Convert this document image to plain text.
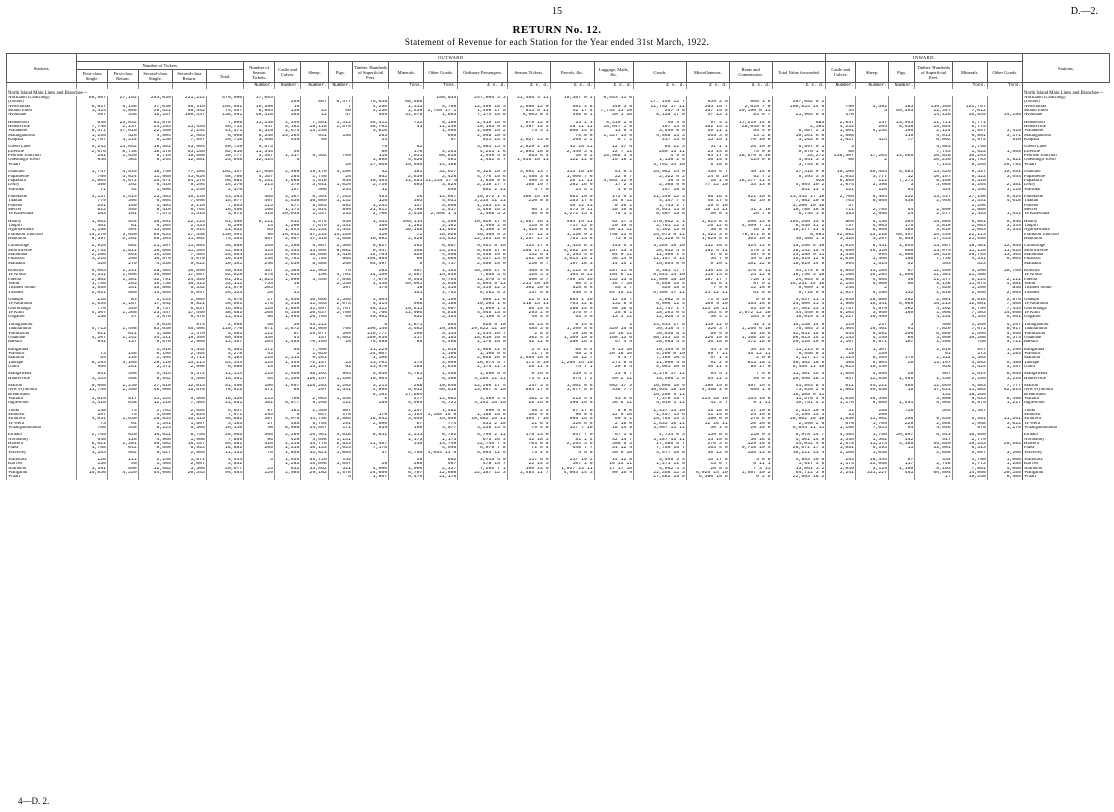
15	D.—2.
RETURN No. 12.
Statement of Revenue for each Station for the Year ended 31st March, 1922.
Stations.	OUTWARD.																				INWARD.						Stations.
	Number of Tickets.					Number of Season Tickets.	Cattle and Calves.	Sheep.	Pigs.	Timber. Hundreds of Superficial Feet.	Minerals.	Other Goods.	Ordinary Passengers.	Season Tickets.	Parcels, &c.	Luggage, Mails, &c.	Goods.	Miscellaneous.	Rents and Commission.	Total Value forwarded.	Cattle and Calves.	Sheep.	Pigs.	Timber. Hundreds of Superficial Feet.	Minerals.	Other Goods.	
	First-class Single.	First-class Return.	Second-class Single.	Second-class Return.	Total.																						
						Number.	Number.	Number.	Number.		Tons.	Tons.	£ s. d.	£ s. d.	£ s. d.	£ s. d.	£ s. d.	£ s. d.	£ s. d.	£ s. d.	Number.	Number.	Number.		Tons.	Tons.	
North Island Main Lines and Branches—																											North Island Main Lines and Branches—
Auckland (Coaching)	66,507	27,192	253,039	221,222	570,960	17,083						180,034	247,005 3 3	21,485 3 11	19,387 0 1	8,553 11 0											Auckland (Coaching)
(Goods)							259	887	6,477	75,638	68,686						Cr. 140 12 7	939 2 0	608 1 6	297,082 9 2							(Goods)
Newmarket	6,037	5,198	37,038	56,319	104,992	10,390	19		7	4,290	1,313	5,780	12,460 15 3	2,060 12 0	501 3 8	140 3 8	11,792 17 11	203 16 7	2,029 7 6	200,824 14 8	790	3,392	383	136,390	121,767		Newmarket
Mount Eden	1,424	1,058	26,521	46,442	75,457	6,964	130	22	50	2,230	2,439	2,758 17 1	1,408 17 0	611 8 11	42 17 4	7,734 13 10	347 4 6	357 15 6	29,190 0 11	7	44	4	69,403	22,347	7,012		Mount Eden
Avondale	497	346	15,257	100,337	136,491	40,318	355	12	47	659	31,975	1,603	7,174 18 8	6,003 0 4	398 8 1	30 1 10	8,128 17 0	47 13 1	83 6 7	21,904 0 5	370			14,128	35,834	14,199	Avondale

Henderson	648	23,032	61,678		7,806	11,138	1,346	7,591	1,312	35,411	722	5,160	2,415 15 9	979 12 9	23 1 3	6,319 2 8	40 4 9	97 4 2	17,219 14 6	663	2,847	147	23,953	11,711	4,771		Henderson
Helensville	7,740	2,237	23,293	23,439	56,711	547	5,162	26,118	2,879	36,761	43	11,230	10,193 0 8	1,397 15 3	26 11 11	16,047 1 8	187 13 9	102 15 3	28,039 8 6	2,301	4,232	204	6,936	15,884	6,775		Helensville
Waitakere	6,471	37,019	22,450	2,144	41,471	5,319	2,674	14,230		3,810		1,950	1,690 19 2	73 3 1	600 14 9	13 9 4	3,840 0 0	59 11 1	53 5 0	6,587 2 3	1,601	4,235	150	2,124	1,857	3,429	Waitakere
Maungaturoto	1,255	326	4,904	2,403	8,908	6,340	23,204	931	156	283		665	2,048 10 9		75 0 8	1,327 14 6	4,568 13 3	553 3 9	13 2 8	10,201 6 0	1,608		119	4,013	6,801	3,171	Maungaturoto
Kaipara	2,767	4,214	6,138	7,597	20,716	3,460	449	50		21		97	921 14 4	1,027 13 6	269 2 2	6 7 1	437 14 0	13 19 1	76 10 0	3,252 6 0	1,627	414	77	6,092	1,972	510	Kaipara

Green Lane	5,242	13,052	18,551	43,904	80,749	9,573				76	82		3,584 13 4	2,829 2 10	42 18 11	12 17 6	64 11 3	31 1 1	26 10 0	6,597 0 1	3			4,083	2,748		Green Lane
Ellerslie	2,676	8,738	18,378	53,150	82,810	11,345	40			60	176	4,253	4,253 1 6	2,861 16 8	2,449 3 4	12 7 11	259 13 11	23 14 8	75 0 0	9,870 1 0	88			7,743	1,922	1,665	Ellerslie
Penrose Junction	281	1,939	8,719	19,500	30,777	4,357	1,317	9,392	769	118	7,031	66,836	1,949 4 9	853 6 4	10 5 2	25,968 3 4	4 9 8	83 17 9	28,879 8 10	25,272	238,307	17,203	14,505	20,028	30,293		Penrose Junction
Onehunga Town	646	383	9,244	12,581	23,048	12,424	5			3,898	4,620	461	1,482 5 7	1,935 10 11	122 11 0	15 18 1	1,130 2 0	30 14 4	124 0 0	4,841 3 3	60	2		20,236	15,753	4,921	Onehunga Town
Wharf									28	27,068	19,555	14,188					3,792 14 10	5 10 6		3,793 8 5				7,153	8,255	25,792	Wharf

Otahuhu	1,747	4,533	18,740	77,105	102,147	17,060	2,489	19,170	4,106	42	181	32,027	8,325 19 3	3,091 13 7	313 10 10	51 6 1	25,062 14 0	156 5 7	46 14 6	37,318 9 6	10,108	60,454	5,681	13,429	9,327	10,551	Otahuhu
Papatoetoe	760	3,024	11,960	43,026	58,780	4,357	264	1,746	25	852	2,639	2,426	4,776 15 6	1,488 3 8	1,006 7 6	22 8 7	2,322 0 2	24 8 10	52 7 2	8,393 3 5	1,043	3,777	12	10,197	6,322	3,644	Papatoetoe
Papakura	2,004	4,672	25,571	64,275	96,982	5,251	1,668	1,816	649	10,483	11,551	11,234 17 9	1,640 8 6	400 3 5	26 11 11	4,802 12 9	36 5 4	16 1 0	18,277 11 4	925	8,869	112	7,271	8,180	6,310		Papakura
Drury	380	192	6,410	8,294	15,276	213	379	3,641	1,029	2,739	603	3,824	2,218 17 7	166 19 7	202 16 9	17 2 4	2,365 0 0	77 12 10	33 13 0	4,984 10 2	1,074	3,398	3	3,080	3,164	2,381	Drury
Wairuku	71	44	1,006	1,249	2,370	7	147	406	234	32		540	602 2 11	4 7 0	14 5 3	1 0 0	157 19 0			841 13 1	121	128	54	324	4,346	1,129	Wairuku

Pukekohe	3,137	1,513	23,483	15,120	43,253	465	4,357	6,393	7,253	453	26	12,057	10,372 1 6	300 15 10	681 10 9	172 0 2	11,340 12 3	98 16 4	521 15 0	23,442 17 10	2,706	6,404	532	13,337	27,198	9,524	Pukekohe
Tuakau	779	395	6,804	7,098	15,077	497	1,536	36,869	1,132	126	303	4,011	3,214 11 11	220 8 8	253 17 6	34 8 11	4,147 7 4	48 17 5	82 19 8	7,982 10 8	763	8,569	438	1,946	2,331	4,618	Tuakau
Pokeno	251	109	4,403	3,110	7,853	113	677	5,883	692	1,243	147	5,608	1,263 14 4		40 12 11	8 16 1	1,743 1 7	29 6 10		3,200 10 10	47				1,166		Pokeno
Mercer	812	455	8,410	6,764	16,450	166	1,173	1,924	899	21,612	3,796	2,517	3,468 15 2	96 1 3	473 9 11	28 16 8	5,031 13 8	16 13 11	31 2 10	10,788 16 8	711	2,765	54	2,800	1,880		Mercer
Te Kauwhata	283	101	7,373	1,315	3,672	415	20,935	1,337	232	2,706	2,510	2,408 1 4	2,408 3 2	85 0 0	1,272 13 4	75 3 2	8,507 13 0	56 8 3	26 7 0	6,735 1 6	333	2,956	24	2,477	2,433	1,531	Te Kauwhata

Huntly	1,662	924	26,691	22,123	51,400	8,111	912	4,574	530	1,333	399,114	2,499	10,020 17 0	1,987 18 1	494 19 11	92 17 3	170,942 1 1	1,523 6 4	208 13 0	194,260 13 5	809	4,136	384	15,888	6,601	9,946	Huntly
Taupiri	461	81	5,204	2,433	8,209	14	1,200	7,679	1,331	350	1,262	3,182	1,469 2 0	115 8 5	717 12 9	20 10 5	2,761 12 1	25 12 6	4,409 7 11	9,545 11 2	737	4,063	175	3,819	1,083	3,334	Taupiri
Ngaruawahia	1,198	464	13,856	5,514	21,032	83	1,444	21,234	1,452	420	30,155	11,692	4,360 1 0	1,425 6 6	330 5 5	56 11 11	4,392 12 9	36 8 4	16 1 0	10,277 11 4	923	8,869	169	3,819	1,083	3,334	Ngaruawahia
Frankton Junction	14,270	3,650	85,033	27,448	130,401	90	16,012	57,233	14,189	420	72	16,026	49,368 5 2	737 12 3	1,228 9 2	798 13 0	25,973 0 11	1,323 3 9	78,971 8 0	8,661	42,082	24,228	69,497	25,439	22,113		Frankton Junction
Hamilton	8,397	2,201	59,203	11,802	73,203	567	2,957	17,318	1,858	10,882	2,428	23,532	22,153 15 8	1,257 17 2	751 13 6	73 8 5	14,128 6 9	1,029 8 9	303 19 9	40,358 1 3	3,325	3,257	8,049	17,433	21,658		Hamilton

Cambridge	2,925	682	21,207	11,884	36,698	169	2,266	9,067	2,360	6,827	262	6,057	9,451 8 10	131 17 4	1,425 8 3	143 5 3	4,264 18 10	132 16 4	324 11 9	15,256 5 10	1,025	6,431	1,045	13,067	18,461	12,859	Cambridge
Morrinsville	2,732	1,011	20,868	11,359	42,904	424	6,344	33,994	6,082	9,447	358	23,251	9,635 17 8	205 17 11	4,292 15 9	197 13 3	26,032 4 5	162 4 11	179 2 5	18,142 15 4	4,699	46,320	900	13,079	11,128	11,025	Morrinsville
Matamata	2,266	893	15,165	7,384	25,563	225	4,601	16,050	3,410	14,704	620	4,506	8,459 19 8	142 6 4	2,293 3 0	84 0 11	11,999 1 4	57 8 8	107 0 0	23,280 0 11	1,448	994	2,000	10,428	20,754	13,364	Matamata
Putaruru	1,216	200	10,579	4,070	16,539	136	6,761	1,784	605	104,965	60	3,995	3,537 13 9	252 16 0	1,013 19 1	36 14 0	11,157 4 11	36 7 0	35 5 10	15,919 12 6	3,030	1,400	198	7,736	4,331	6,003	Putaruru
Mamaku	320	279	4,530	5,022	10,151	246	2,539	8,585	260	65,497	8	5,717	2,550 19 0	210 0 7	197 18 3	14 15 1	15,854 0 0	9 10 1	101 12 0	18,919 14 9	994	1,514	52	393	523		Mamaku

Rotorua	9,063	1,241	28,484	16,690	50,545	357	2,385	12,963	75	202	557	1,154	35,395 17 4	469 5 0	1,122 9 0	297 11 6	5,381 17 7	136 16 3	376 8 11	41,174 8 9	4,853	13,189	87	12,490	3,200	10,769	Rotorua
Te Aroha	4,331	1,096	35,000	17,607	52,929	878	1,634	196	4,701	14,160	3,687	15,840	7,558 3 6	328 3 3	104 8 11	104 8 11	8,843 14 10	118 14 6	24 12 8	16,736 3 10	1,160	15,284	1,808	21,361	21,486		Te Aroha
Paeroa	2,802	1,301	32,791	24,559	61,391	1,823	1,999	3,440	7,648	7,079	9,953	6,704	12,070 4 9	500 5 7	759 16 10	132 13 8	11,090 18 10	187 17 7	728 1 3	24,953 5 5	1,066	4,565	36	11,377	5,224	2,211	Paeroa
Waihi	1,756	263	16,738	10,413	33,112	733	16		2,339	1,448	59,051	3,630	4,804 9 11	231 10 10	90 4 2	16 7 10	9,856 19 4	93 8 1	87 9 2	15,231 14 10	2,155	5,000	60	5,136	11,074	4,981	Waihi
Thames South	1,958	351	15,808	5,332	21,079	203	7		397	175	18	1,310	5,319 12 2	302 10 6	528 8 6	55 3 7	529 18 4	7 9 6	12 10 0	8,089 1 5	248	2		7,520	1,200	836	Thames South
Thames	2,021	580	14,655	9,047	26,323	26	31				351	1,752	5,282 5 2	137 6 8	630 4 4	84 15 11	5,390 17 11	21 12 11	61 6 0	9,718 9 9	1,927	5,190	132	1,810	2,996	2,064	Thames

Ohaupo	226	83	3,133	2,004	5,576	27	1,630	10,686	1,395	1,504	8	1,150	906 11 6	22 6 11	804 1 10	12 15 7	2,062 5 3	71 9 10	0 0 0	3,027 11 1	2,849	20,688	262	2,991	8,018	2,875	Ohaupo
Te Awamutu	2,634	1,167	17,942	8,821	30,601	178	3,316	11,493	2,073	5,314	968	3,180	10,203 1 6	418 13 11	703 12 8	132 8 9	6,909 12 4	109 9 10	183 16 0	24,500 11 4	1,906	10,341	6,089	16,213	12,601	7,508	Te Awamutu
Otorohanga	770	349	8,737	6,037	15,901	129	1,699	31,597	1,767	46,312	16,611	4,007	4,099 1 2	88 15 5	280 14 0	48 10 6	12,747 1 7	124 10 11	53 19 6	17,401 13 3	1,757	4,979	362	4,292	5,799	7,443	Otorohanga
Te Kuiti	4,307	1,266	23,447	17,440	38,583	268	6,158	20,637	2,780	4,766	11,085	5,816	4,945 13 5	293 1 9	375 0 7	25 8 1	18,261 0 5	163 5 0	2,072 12 10	44,440 6 9	5,203	3,950	160	1,905	7,303	14,050	Te Kuiti
Ongarue	138	47	3,878	5,478	11,541	96	1,465	26,765	69	40,962	632	2,154	2,158 8 3	45 5 9	53 3 0	13 3 11	12,026 3 3	36 4 2	154 4 0	16,019 4 3	4,227	10,499		4,234	4,344	5,561	Ongarue

Taringamotu			9,010	974	2,998	50	20	43,212		5	1,871	894	628 9 10	48 13 9	6 14 6	2	13,633 17 8	119 12 9	42 1 3	15,138 14 9	129	237	3	406	1,289	4,257	Taringamotu
Taumarunui	4,713	1,498	63,030	45,506	110,770	871	2,872	63,060	766	106,146	3,582	10,365	29,822 11 10	485 3 8	1,399 5 6	320 15 8	39,316 4 7	326 3 7	1,256 6 10	75,484 3 3	3,404	16,461	61	7,029	7,671	8,917	Taumarunui
Waimarino	621	621	3,488	1,470	5,593	112	97	25,077	109	119,777	206	5,133	1,434 16 7	2 8 9	29 10 8	29 16 11	39,836 6 3	59 9 9	59 16 8	42,031 15 8	644	5,092	208	6,860	2,599	4,555	Waimarino
Ohakune	4,207	2,242	34,311	19,399	60,599	430	43	157	4,682	280,038	217	8,163	15,810 16 0	302 5 3	1,109 19 5	168 13 0	68,143 15 4	126 18 8	1,168 16 2	86,813 14 2	3,143	4,149	66	3,090	10,208	6,373	Ohakune
Raetihi	941	137	9,670	2,900	13,357	204	1,485	70,189	10	75,598	88	4,460	2,176 15 0	42 11 0	280 16 2	57 4 5	28,963 4 5	30 18 0	172 15 0	29,128 19 0	1,167	8,671	107	1,406	760	4,721	Raetihi

Rangataua			1,816	4,442	8,303	172	55	7,490		11,229		1,016	1,096 11 0	3 0 11	65 6 4	9 13 10	10,154 8 0	44 1 0	38 15 4	11,213 0 4	537	1,307		2,010	847	1,290	Rangataua
Waiouru	73	156	6,195	2,454	4,278	43	1	1,029		24,007		1,106	1,106 6 5	11 7 0	68 2 4	20 18 10	4,209 0 10	99 7 11	35 12 11	5,556 8 3	18	159		61	273	1,183	Waiouru
Mataroa	54	126	2,494	3,711	6,184	125	2,113	9,261		1,108		1,162	2,055 16 8	2,055 16 8	10 12 7	4 4 7	7,169 10 4	57 1 3	2 0 0	3,127 17 1	1,123	8,169	175	1,312	1,402		Mataroa
Taihape	6,193	3,109	29,120	14,113	53,143	125	1,459	72,187	23	13,701	173	3,099	16,074 3 7	171 0 10	1,280 14 10	271 8 8	11,090 4 0	91 2 9	613 18 1	30,382 18 5	468	9,504	20	13,197	4,052	5,486	Taihape
Utiku	460	251	2,371	2,998	6,080	15	369	14,157	91	43,070	285	1,636	2,174 11 1	26 11 4	74 7 1	29 8 4	5,081 10 6	46 11 4	85 17 0	8,458 11 10	1,023	10,146		926	1,424	3,157	Utiku

Mangaweka	831	496	4,415	5,372	11,114	215	2,409	48,292	964	5,046	5,781	1,458	1,560 6 9	6 19 5	339 4 2	23 8 7	5,278 17 11	94 5 1	7 5 0	11,301 15 4	1,669	4,599	28	967	1,614	6,059	Mangaweka
Hunterville	1,333	458	8,942	4,458	15,391	55	2,290	120,197	1,180	10,984	12	5,308	4,284 11 11	73 5 11	574 7 2	50 2 11	15,598 2 5	53 11 2	59 6 5	20,698 18 2	837	12,530	1,465	1,439	2,195	3,225	Hunterville

Marton	9,660	2,239	27,518	12,013	51,450	186	1,697	125,283	1,283	3,213	268	10,640	22,286 17 5	247 3 5	1,502 6 6	502 17 3	16,605 16 9	196 15 8	457 15 4	41,853 8 4	611	44,221	485	12,569	4,503	7,777	Marton
New Plymouth	11,745	2,399	48,900	15,878	78,922	471	86	297	1,441	2,899	9,032	50,918	23,667 8 10	854 17 0	1,877 8 0	336 7 7	38,934 18 10	4,460 1 0	689 1 9	73,020 2 0	2,602	59,648	15	37,631	11,802	62,814	New Plymouth
Breakwater										5,191	27,804						16,209 9 11			16,209 9 11				132	18,265		Breakwater
Waitara	1,019	517	11,224	5,560	18,320	223	706	2,063	1,540	5	277	12,062	3,409 3 4	161 2 9	213 4 4	43 5 6	7,370 15 7	224 18 10	154 10 6	11,578 4 9	1,039	36,398		3,800	5,633	8,498	Waitara
Inglewood	1,418	638	12,218	7,404	21,552	381	8,877	9,266	122	286	4,959	5,721	4,242 16 10	28 15 8	396 10 6	36 8 11	4,010 3 11	41 4 7	9 1 11	10,751 4 2	1,276	6,089	1,491	5,969	6,979	1,227	Inglewood

Tariki	148	73	2,762	2,654	5,637	87	181	2,350	507		4,247	1,482	890 9 8	58 2 3	87 17 0	5 8 0	1,437 14 10	16 18 0	17 10 0	2,513 10 9	31	158	725	354	1,357		Tariki
Midhirst	207	79	4,090	3,825	7,971	293	5	847	176	170	2,154	1,168 15 8	1,168 15 8	102 9 6	90 0 4	12 0 10	1,457 13 6	11 14 0	24 19 9	3,299 13 3	33	208					Midhirst
Stratford	4,031	1,630	28,833	15,319	48,602	387	4,978	34,756	2,886	18,042	3,940	19,040	10,052 15 11	364 7 10	985 15 5	89 4 1	15,785 15 2	180 0 0	278 8 6	28,002 18 10	1,830	11,562	296	9,839	5,581	11,261	Stratford
Te Wera	73	64	1,341	1,867	3,163	27	455	9,764	251	2,606	67	774	633 2 10	21 6 4	326 6 6	2 18 0	1,632 18 11	12 16 11	20 10 0	2,590 2 6	870	1,709	229	2,066	1,968	3,022	Te Wera
Whangamomona	766	348	8,223	5,365	19,110	40	8,958	24,657	171	839	196	4,077	3,235 13 5	79 5 8	327 7 10	18 14 9	3,997 11 11	30 1 8	29 16 9	8,044 11 11	1,180	7,023	93	4,046	978	1,179	Whangamomona

Eltham	2,769	820	16,621	8,755	28,965	365	2,369	26,461	3,618	8,831	2,313	8,702	5,799 2 11	179 13 0	847 7 0	67 3 8	1,734 0 3	139 0 5	210 0 4	8,978 14 7	4,483	1,756	20,897	8,543	10,950		Eltham
Normanby	640	116	4,966	1,908	7,659	95	428	4,696	1,131		1,173	1,173	873 16 3	42 18 3	81 1 4	32 14 7	3,187 15 11	33 19 6	30 18 5	4,301 14 8	1,340	1,362	142	917	2,779		Normanby
Hawera	8,621	2,201	40,602	16,157	69,581	426	2,219	34,776	8,923	11,487	310	13,749	22,749 7 4	703 8 8	2,293 3 5	308 5 3	17,560 6 7	276 3 5	129 19 9	44,042 4 0	2,578	11,373	4,385	55,899	19,243	20,592	Hawera
Patea	1,768	642	9,550	5,922	18,882	265	1,315	10,133	7,023	7,176		4,040	5,079 7 8	71 6 4	548 7 7	31 12 4	7,750 15 7	163 4 0	9,718 19 4	26,671 17 3	1,051	5,193	11	12,001	6,313		Patea
Waverley	1,163	582	6,527	2,565	11,132	76	1,849	32,823	1,084	37	5,750	4,093 11 6	4,093 11 6	73 2 5	4 0 8	30 9 10	3,577 18 6	30 12 0	155 13 0	18,211 13 4	3,106	1,038		2,806	5,007	3,206	Waverley

Waitotara	226	111	2,236	1,871	4,444	3	1,535	54,729	142		26	852	1,015 4 0	117 6 0	237 19 2	14 12 8	3,459 2 4	15 17 8	3 6 8	4,853 10 0	253	16,444	67	434	1,750	1,066	Waitotara
Kai Iwi	136	40	1,469	2,007	3,652		1,283	15,696	1,057	28	260	967	478 19 7	22 14 3	107 1 0	16 13 11	1,271 11 0	13 6 7	6 11 1	1,917 3 5	1,173	22,068	117	2,748	1,772	1,285	Kai Iwi
Aramoho	3,391	696	12,682	3,308	20,077	23	632	33,892	311	4,000	1,006	2,337	7,205 7 1	100 14 9	1,027 13 11	17 17 10	4,862 3 3	20 0 3	7 3 11	13,061 3 2	1,049	3,119	1,109	9,103	7,001	4,060	Aramoho
Wanganui	15,836	4,229	54,066	20,343	94,464	129	1,985	29,162	1,578	24,880	6,707	12,608	22,287 12 3	1,484 11 7	4,003 14 3	90 15 9	22,356 12 3	6,025 14 10	1,587 10 2	54,711 3 9	3,241	321,227	461	66,804	14,066	20,155	Wanganui
Wharf									5	1,807	9,470	21,170					17,582 18 8	5,380 19 8	0 2 5	22,983 18 2				27	19,240	8,405	Wharf
4—D. 2.
